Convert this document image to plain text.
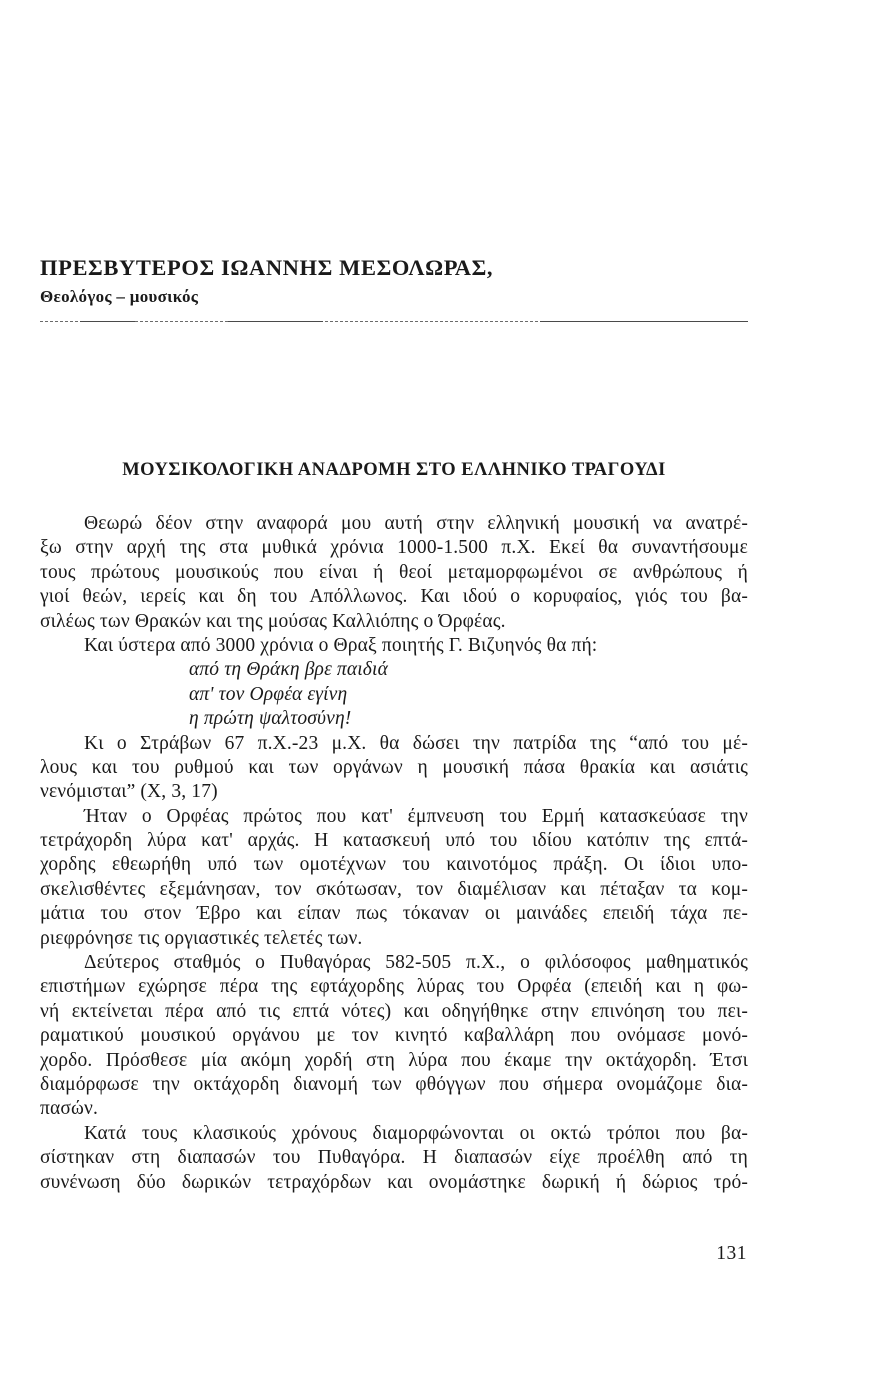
ΠΡΕΣΒΥΤΕΡΟΣ ΙΩΑΝΝΗΣ ΜΕΣΟΛΩΡΑΣ,
Θεολόγος – μουσικός
ΜΟΥΣΙΚΟΛΟΓΙΚΗ ΑΝΑΔΡΟΜΗ ΣΤΟ ΕΛΛΗΝΙΚΟ ΤΡΑΓΟΥΔΙ
Θεωρώ δέον στην αναφορά μου αυτή στην ελληνική μουσική να ανατρέ-
ξω στην αρχή της στα μυθικά χρόνια 1000-1.500 π.Χ. Εκεί θα συναντήσουμε
τους πρώτους μουσικούς που είναι ή θεοί μεταμορφωμένοι σε ανθρώπους ή
γιοί θεών, ιερείς και δη του Απόλλωνος. Και ιδού ο κορυφαίος, γιός του βα-
σιλέως των Θρακών και της μούσας Καλλιόπης ο Όρφέας.
Και ύστερα από 3000 χρόνια ο Θραξ ποιητής Γ. Βιζυηνός θα πή:
από τη Θράκη βρε παιδιά
απ' τον Ορφέα εγίνη
η πρώτη ψαλτοσύνη!
Κι ο Στράβων 67 π.Χ.-23 μ.Χ. θα δώσει την πατρίδα της “από του μέ-
λους και του ρυθμού και των οργάνων η μουσική πάσα θρακία και ασιάτις
νενόμισται” (Χ, 3, 17)
Ήταν ο Ορφέας πρώτος που κατ' έμπνευση του Ερμή κατασκεύασε την
τετράχορδη λύρα κατ' αρχάς. Η κατασκευή υπό του ιδίου κατόπιν της επτά-
χορδης εθεωρήθη υπό των ομοτέχνων του καινοτόμος πράξη. Οι ίδιοι υπο-
σκελισθέντες εξεμάνησαν, τον σκότωσαν, τον διαμέλισαν και πέταξαν τα κομ-
μάτια του στον Έβρο και είπαν πως τόκαναν οι μαινάδες επειδή τάχα πε-
ριεφρόνησε τις οργιαστικές τελετές των.
Δεύτερος σταθμός ο Πυθαγόρας 582-505 π.Χ., ο φιλόσοφος μαθηματικός
επιστήμων εχώρησε πέρα της εφτάχορδης λύρας του Ορφέα (επειδή και η φω-
νή εκτείνεται πέρα από τις επτά νότες) και οδηγήθηκε στην επινόηση του πει-
ραματικού μουσικού οργάνου με τον κινητό καβαλλάρη που ονόμασε μονό-
χορδο. Πρόσθεσε μία ακόμη χορδή στη λύρα που έκαμε την οκτάχορδη. Έτσι
διαμόρφωσε την οκτάχορδη διανομή των φθόγγων που σήμερα ονομάζομε δια-
πασών.
Κατά τους κλασικούς χρόνους διαμορφώνονται οι οκτώ τρόποι που βα-
σίστηκαν στη διαπασών του Πυθαγόρα. Η διαπασών είχε προέλθη από τη
συνένωση δύο δωρικών τετραχόρδων και ονομάστηκε δωρική ή δώριος τρό-
131
